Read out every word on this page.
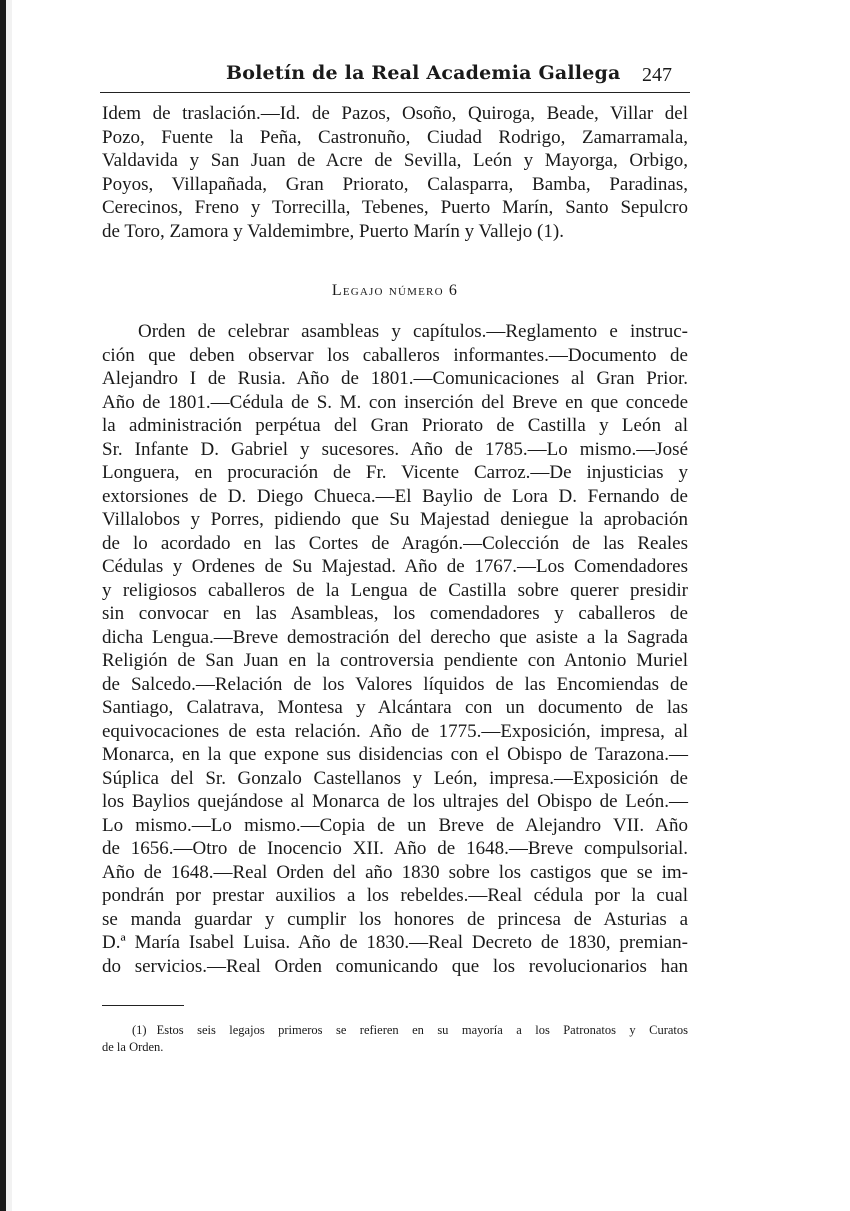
Boletín de la Real Academia Gallega 247
Idem de traslación.—Id. de Pazos, Osoño, Quiroga, Beade, Villar del
Pozo, Fuente la Peña, Castronuño, Ciudad Rodrigo, Zamarramala,
Valdavida y San Juan de Acre de Sevilla, León y Mayorga, Orbigo,
Poyos, Villapañada, Gran Priorato, Calasparra, Bamba, Paradinas,
Cerecinos, Freno y Torrecilla, Tebenes, Puerto Marín, Santo Sepulcro
de Toro, Zamora y Valdemimbre, Puerto Marín y Vallejo (1).
Legajo número 6
Orden de celebrar asambleas y capítulos.—Reglamento e instruc-
ción que deben observar los caballeros informantes.—Documento de
Alejandro I de Rusia. Año de 1801.—Comunicaciones al Gran Prior.
Año de 1801.—Cédula de S. M. con inserción del Breve en que concede
la administración perpétua del Gran Priorato de Castilla y León al
Sr. Infante D. Gabriel y sucesores. Año de 1785.—Lo mismo.—José
Longuera, en procuración de Fr. Vicente Carroz.—De injusticias y
extorsiones de D. Diego Chueca.—El Baylio de Lora D. Fernando de
Villalobos y Porres, pidiendo que Su Majestad deniegue la aprobación
de lo acordado en las Cortes de Aragón.—Colección de las Reales
Cédulas y Ordenes de Su Majestad. Año de 1767.—Los Comendadores
y religiosos caballeros de la Lengua de Castilla sobre querer presidir
sin convocar en las Asambleas, los comendadores y caballeros de
dicha Lengua.—Breve demostración del derecho que asiste a la Sagrada
Religión de San Juan en la controversia pendiente con Antonio Muriel
de Salcedo.—Relación de los Valores líquidos de las Encomiendas de
Santiago, Calatrava, Montesa y Alcántara con un documento de las
equivocaciones de esta relación. Año de 1775.—Exposición, impresa, al
Monarca, en la que expone sus disidencias con el Obispo de Tarazona.—
Súplica del Sr. Gonzalo Castellanos y León, impresa.—Exposición de
los Baylios quejándose al Monarca de los ultrajes del Obispo de León.—
Lo mismo.—Lo mismo.—Copia de un Breve de Alejandro VII. Año
de 1656.—Otro de Inocencio XII. Año de 1648.—Breve compulsorial.
Año de 1648.—Real Orden del año 1830 sobre los castigos que se im-
pondrán por prestar auxilios a los rebeldes.—Real cédula por la cual
se manda guardar y cumplir los honores de princesa de Asturias a
D.ª María Isabel Luisa. Año de 1830.—Real Decreto de 1830, premian-
do servicios.—Real Orden comunicando que los revolucionarios han
(1) Estos seis legajos primeros se refieren en su mayoría a los Patronatos y Curatos
de la Orden.
